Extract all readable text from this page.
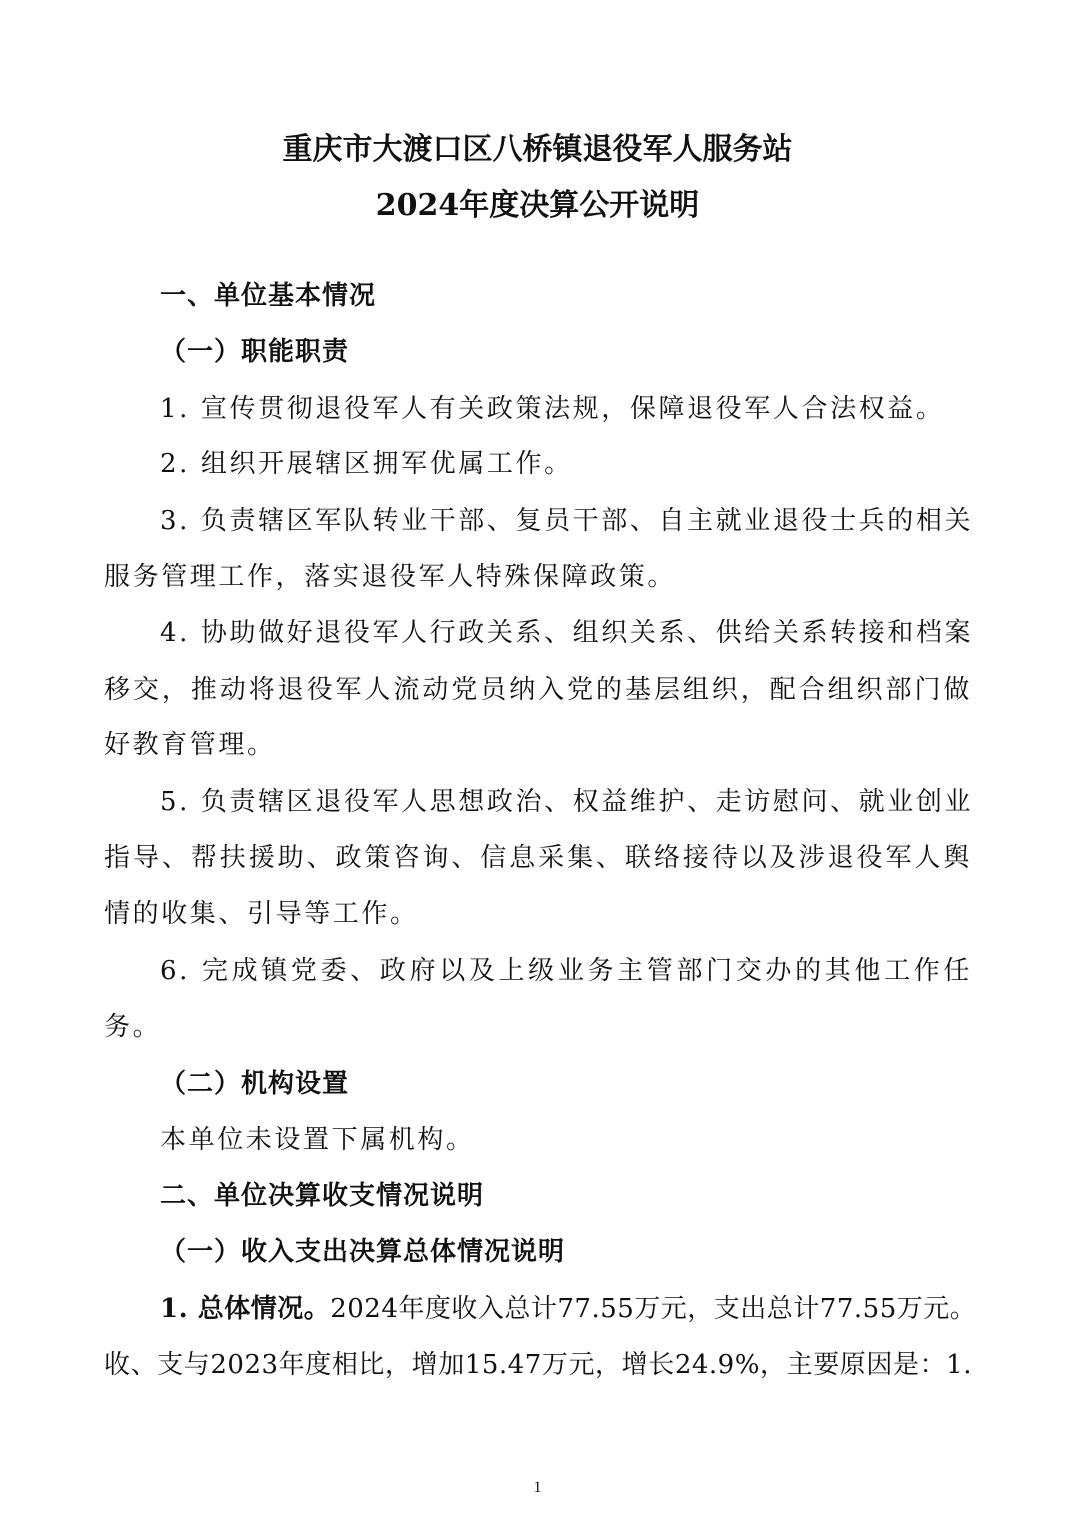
重庆市大渡口区八桥镇退役军人服务站
2024年度决算公开说明
一、单位基本情况
（一）职能职责
1. 宣传贯彻退役军人有关政策法规，保障退役军人合法权益。
2. 组织开展辖区拥军优属工作。
3. 负责辖区军队转业干部、复员干部、自主就业退役士兵的相关
服务管理工作，落实退役军人特殊保障政策。
4. 协助做好退役军人行政关系、组织关系、供给关系转接和档案
移交，推动将退役军人流动党员纳入党的基层组织，配合组织部门做
好教育管理。
5. 负责辖区退役军人思想政治、权益维护、走访慰问、就业创业
指导、帮扶援助、政策咨询、信息采集、联络接待以及涉退役军人舆
情的收集、引导等工作。
6. 完成镇党委、政府以及上级业务主管部门交办的其他工作任
务。
（二）机构设置
本单位未设置下属机构。
二、单位决算收支情况说明
（一）收入支出决算总体情况说明
1. 总体情况。2024年度收入总计77.55万元，支出总计77.55万元。
收、支与2023年度相比，增加15.47万元，增长24.9%，主要原因是：1.
1
